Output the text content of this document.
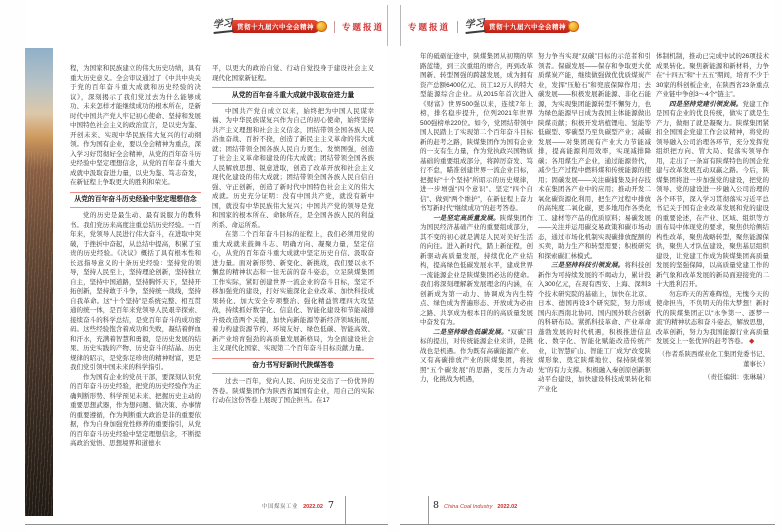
学习 贯彻十九届六中全会精神	专题报道

程，为国家和民族建立的伟大历史功绩，具有重大历史意义。全会审议通过了《中共中央关于党的百年奋斗重大成就和历史经验的决议》，深刻揭示了我们党过去为什么能够成功、未来怎样才能继续成功的根本所在，是新时代中国共产党人牢记初心使命、坚持和发展中国特色社会主义的政治宣言，是以史为鉴、开创未来、实现中华民族伟大复兴的行动纲领。作为国有企业，要以全会精神为重点，深入学习好贯彻好全会精神，从党的百年奋斗历史经验中坚定理想信念，从党的百年奋斗重大成就中汲取奋进力量，以史为鉴、笃志奋发，在新征程上争取更大的胜利和荣光。

从党的百年奋斗历史经验中坚定理想信念

党的历史是最生动、最有说服力的教科书。我们党历来高度注重总结历史经验。一百年来，党领导人民进行伟大奋斗，在进取中突破，于挫折中奋起，从总结中提高，积累了宝贵的历史经验。《决议》概括了具有根本性和长远指导意义的十条历史经验：坚持党的领导，坚持人民至上，坚持理论创新，坚持独立自主，坚持中国道路，坚持胸怀天下，坚持开拓创新，坚持敢于斗争，坚持统一战线，坚持自我革命。这“十个坚持”是系统完整、相互贯通的统一体，是百年来党领导人民艰辛探索、接续奋斗的科学总结，是党百年奋斗的成功密码。这些经验饱含着成功和失败，凝结着鲜血和汗水，充满着智慧和勇毅，是历史发展的结果、历史实践的产物、历史奋斗的结晶、历史规律的昭示，是党弥足珍贵的精神财富，更是我们党引领中国未来的科学指引。

作为国有企业的党员干部，要深刻认识党的百年奋斗历史经验，把党的历史经验作为正确判断形势、科学预见未来、把握历史主动的重要思想武器，作为想问题、做决策、办事情的重要遵循，作为判断重大政治是非的重要依据，作为自身加强党性修养的重要指引，从党的百年奋斗历史经验中坚定理想信念，不断提高政治觉悟、思想境界和道德水

平，以更大的政治自觉、行动自觉投身于建设社会主义现代化国家新征程。

从党的百年奋斗重大成就中汲取奋进力量

中国共产党自成立以来，始终把为中国人民谋幸福、为中华民族谋复兴作为自己的初心使命，始终坚持共产主义理想和社会主义信念，团结带领全国各族人民浴血奋战、百折不挠，创造了新民主主义革命的伟大成就；团结带领全国各族人民自力更生、发愤图强，创造了社会主义革命和建设的伟大成就；团结带领全国各族人民解放思想、锐意进取，创造了改革开放和社会主义现代化建设的伟大成就；团结带领全国各族人民自信自强、守正创新，创造了新时代中国特色社会主义的伟大成就。历史充分证明：没有中国共产党，就没有新中国，就没有中华民族伟大复兴；中国共产党的领导是党和国家的根本所在、命脉所在，是全国各族人民的利益所系、命运所系。

在第二个百年奋斗目标的征程上，我们必须用党的重大成就来鼓舞斗志、明确方向、凝聚力量，坚定信心，从党的百年奋斗重大成就中坚定历史自信、汲取奋进力量。面对新形势、新变化、新挑战，我们要以永不懈怠的精神状态和一往无前的奋斗姿态，立足陕煤集团工作实际，紧盯创建世界一流企业的奋斗目标，坚定不移加强党的建设，打好实施深化企业改革、加快科技成果转化、加大安全专项整治、强化精益管理四大攻坚战，持续抓好数字化、信息化、智能化建设和节能减排升级改造两个关键，加快向新能源等新经济领域拓展，着力构建资源节约、环境友好、绿色低碳、智能高效、新产业培育强劲的高质量发展新格局，为全面建设社会主义现代化国家、实现第二个百年奋斗目标贡献力量。

奋力书写好新时代陕煤答卷

过去一百年，党向人民、向历史交出了一份优异的答卷。陕煤集团作为陕西省属国有企业，用自己的实际行动在这份答卷上展现了国企担当。在17

中国煤炭工业 2022.02 7
专题报道 学习 贯彻十九届六中全会精神

年的砥砺征途中，陕煤集团从初期的筚路蓝缕，到三次重组的磨合，再到改革图新、转型图强的跨越发展，成为拥有资产总额6400亿元、员工12万人的特大型能源综合企业。从2015年首次进入《财富》世界500强以来，连续7年上榜，排名稳步提升，位列2021年世界500强榜单220位。如今，党团结带领中国人民踏上了实现第二个百年奋斗目标新的赶考之路，陕煤集团作为国有企业的一支有生力量，作为党执政兴国物质基础的重要组成部分，将踔厉奋发、笃行不怠，瞄准创建世界一流企业目标，把握好“十个坚持”所昭示的历史规律，进一步增强“四个意识”、坚定“四个自信”、做到“两个维护”，在新征程上奋力书写新时代“继续成功”的赶考答卷。

一是坚定高质量发展。陕煤集团作为国民经济基础产业的重要组成部分，其不变的初心就是满足人民对美好生活的向往。进入新时代，踏上新征程，创新驱动高质量发展，持续优化产业结构，提高绿色低碳发展水平，建成世界一流能源企业是陕煤集团必达的使命。我们将深刻理解新发展理念的内涵，在创新成为第一动力、协调成为内生特点、绿色成为普遍形态、开放成为必由之路、共享成为根本目的的高质量发展中奋发有为。

二是坚持绿色低碳发展。“双碳”目标的提出，对传统能源企业来讲，是挑战也是机遇。作为既有高碳能源产业、又有高碳排放产业的陕煤集团，将按照“五个碳发展”的思路，变压力为动力，化挑战为机遇，

努力争当实现“双碳”目标的示范者和引领者。保碳发展——保存和争取更大优质煤炭产能，继续做强做优优质煤炭产业，发挥“压舱石”和兜底保障作用；去碳发展——积极发展新能源、非化石能源，为实现集团能源转型不懈努力，也为绿色能源早日成为我国主体能源做出陕煤贡献；积极开发培植锂电、氢能等低碳型、零碳型乃至负碳型产业；减碳发展——对集团现有产业大力节能减排，提高能源利用效率，实现减排降碳；各用煤生产企业，通过能源替代，减少生产过程中燃料煤和传统能源的使用；固碳发展——关注碳捕集及封存技术在集团各产业中的应用；推动开发二氧化碳资源化利用，把生产过程中排放的高纯度二氧化碳，更多地用作各类化工、建材等产品的优质原料；易碳发展——关注并运用碳交易政策和碳市场动态，通过市场化机制实现碳排放配额的买卖，助力生产和转型需要；积极研究和探索碳汇林模式。

三是坚持科技引领发展。将科技创新作为可持续发展的不竭动力，累计投入300亿元，在现有西安、上海、深圳3个技术研究院的基础上，加快在北京、日本、德国再设3个研究院，努力形成国内东西南北协同、国内国外联合创新的科研布局。紧抓科技革命、产业革命蓬勃发展的时代机遇，积极推进信息化、数字化、智能化赋能改造传统产业，让智慧矿山、智能工厂成为“改变陕煤形象、奠定陕煤地位、保持陕煤领先”的有力支撑。积极融入秦创原创新驱动平台建设，加快建设科技成果转化和产业化

体制机制，推动已完成中试的26项技术成果转化。聚焦新能源和新材料，力争在“十四五”和“十五五”期间，培育不少于30家的科创板企业，在陕西省23条重点产业链中争创3～4个“链主”。

四是坚持党建引领发展。党建工作是国有企业的优良传统，做实了就是生产力，做细了就是凝聚力。陕煤集团紧扣全国国企党建工作会议精神，将党的领导融入公司治理各环节，充分发挥党组织把方向、管大局、促落实领导作用，走出了一条富有陕煤特色的国企党建与改革发展互动双赢之路。今后，陕煤集团将进一步加强党的建设，把党的领导、党的建设进一步融入公司治理的各个环节，深入学习贯彻落实习近平总书记关于国有企业改革发展和党的建设的重要论述，在产业、区域、组织等方面布局中体现党的要求，聚焦供给侧结构性改革，聚焦战略转型，聚焦能源保供，聚焦人才队伍建设，聚焦基层组织建设，让党建工作成为陕煤集团高质量发展的坚强保障，以高质量党建工作的新气象和改革发展的新局面迎接党的二十大胜利召开。

勿忘昨天的苦难辉煌，无愧今天的使命担当，不负明天的伟大梦想！新时代的陕煤集团正以“永争第一、逐梦一流”的精神状态和奋斗姿态，解放思想，改革创新，努力为我国能源行业高质量发展交上一张优异的赶考答卷。 ◆

（作者系陕西煤业化工集团党委书记、董事长）
（责任编辑：张琳瑞）
8 China Coal Industry 2022.02
